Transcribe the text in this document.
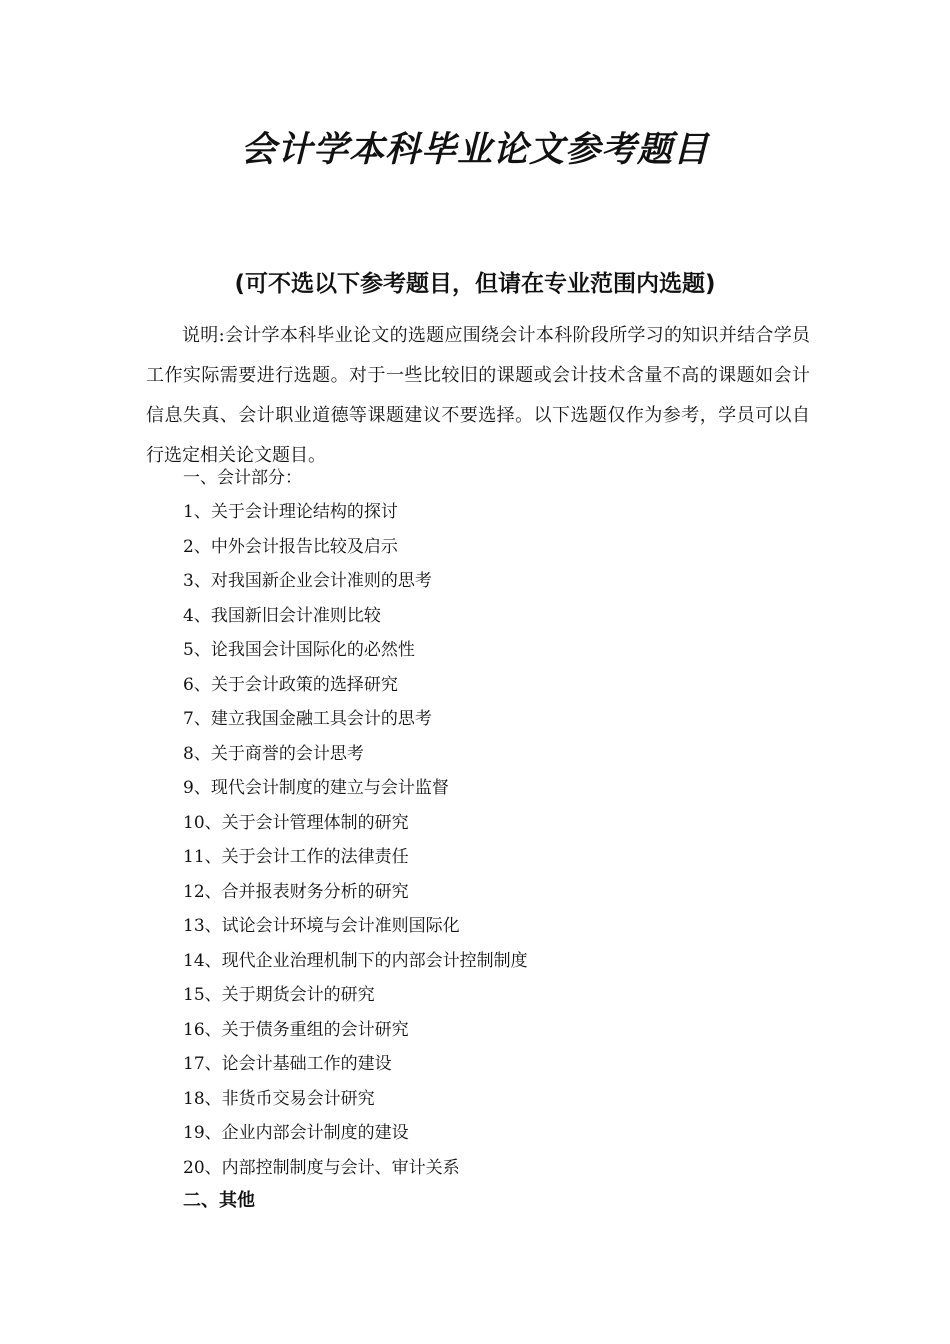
会计学本科毕业论文参考题目
(可不选以下参考题目，但请在专业范围内选题)

说明:会计学本科毕业论文的选题应围绕会计本科阶段所学习的知识并结合学员工作实际需要进行选题。对于一些比较旧的课题或会计技术含量不高的课题如会计信息失真、会计职业道德等课题建议不要选择。以下选题仅作为参考，学员可以自行选定相关论文题目。

一、会计部分：

1、关于会计理论结构的探讨
2、中外会计报告比较及启示
3、对我国新企业会计准则的思考
4、我国新旧会计准则比较
5、论我国会计国际化的必然性
6、关于会计政策的选择研究
7、建立我国金融工具会计的思考
8、关于商誉的会计思考
9、现代会计制度的建立与会计监督
10、关于会计管理体制的研究
11、关于会计工作的法律责任
12、合并报表财务分析的研究
13、试论会计环境与会计准则国际化
14、现代企业治理机制下的内部会计控制制度
15、关于期货会计的研究
16、关于债务重组的会计研究
17、论会计基础工作的建设
18、非货币交易会计研究
19、企业内部会计制度的建设
20、内部控制制度与会计、审计关系

二、其他
